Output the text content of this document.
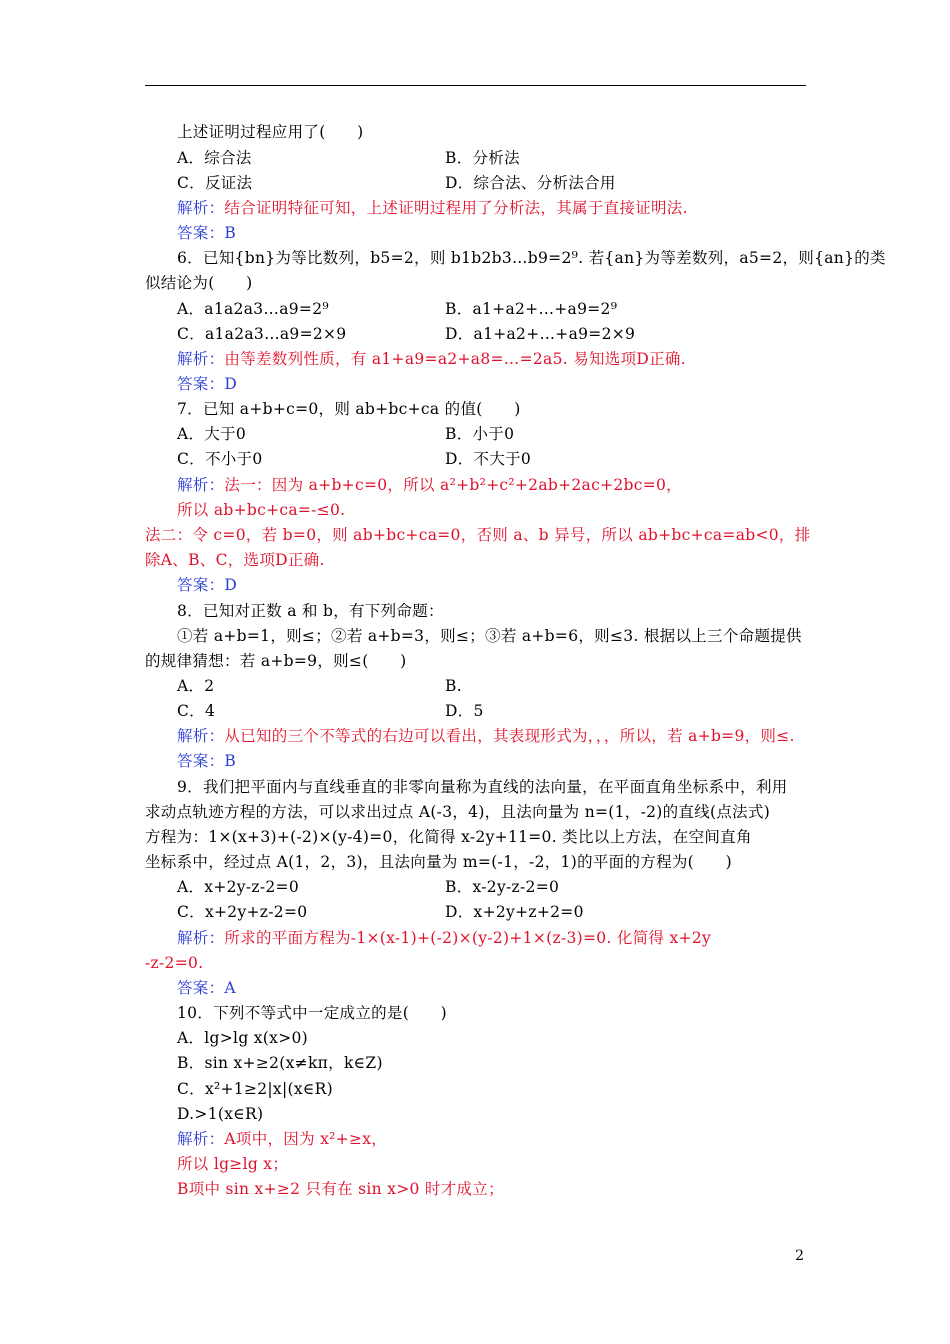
上述证明过程应用了(　　)
A．综合法	B．分析法
C．反证法	D．综合法、分析法合用
解析：结合证明特征可知，上述证明过程用了分析法，其属于直接证明法.
答案：B
6．已知{bn}为等比数列，b5=2，则 b1b2b3…b9=2⁹. 若{an}为等差数列，a5=2，则{an}的类
似结论为(　　)
A．a1a2a3…a9=2⁹	B．a1+a2+…+a9=2⁹
C．a1a2a3…a9=2×9	D．a1+a2+…+a9=2×9
解析：由等差数列性质，有 a1+a9=a2+a8=…=2a5. 易知选项D正确.
答案：D
7．已知 a+b+c=0，则 ab+bc+ca 的值(　　)
A．大于0	B．小于0
C．不小于0	D．不大于0
解析：法一：因为 a+b+c=0，所以 a²+b²+c²+2ab+2ac+2bc=0，
所以 ab+bc+ca=-≤0.
法二：令 c=0，若 b=0，则 ab+bc+ca=0，否则 a、b 异号，所以 ab+bc+ca=ab<0，排
除A、B、C，选项D正确.
答案：D
8．已知对正数 a 和 b，有下列命题：
①若 a+b=1，则≤；②若 a+b=3，则≤；③若 a+b=6，则≤3. 根据以上三个命题提供
的规律猜想：若 a+b=9，则≤(　　)
A．2	B.
C．4	D．5
解析：从已知的三个不等式的右边可以看出，其表现形式为，，，所以，若 a+b=9，则≤.
答案：B
9．我们把平面内与直线垂直的非零向量称为直线的法向量，在平面直角坐标系中，利用
求动点轨迹方程的方法，可以求出过点 A(-3，4)，且法向量为 n=(1，-2)的直线(点法式)
方程为：1×(x+3)+(-2)×(y-4)=0，化简得 x-2y+11=0. 类比以上方法，在空间直角
坐标系中，经过点 A(1，2，3)，且法向量为 m=(-1，-2，1)的平面的方程为(　　)
A．x+2y-z-2=0	B．x-2y-z-2=0
C．x+2y+z-2=0	D．x+2y+z+2=0
解析：所求的平面方程为-1×(x-1)+(-2)×(y-2)+1×(z-3)=0. 化简得 x+2y
-z-2=0.
答案：A
10．下列不等式中一定成立的是(　　)
A．lg>lg x(x>0)
B．sin x+≥2(x≠kπ，k∈Z)
C．x²+1≥2|x|(x∈R)
D.>1(x∈R)
解析：A项中，因为 x²+≥x，
所以 lg≥lg x；
B项中 sin x+≥2 只有在 sin x>0 时才成立；
2
